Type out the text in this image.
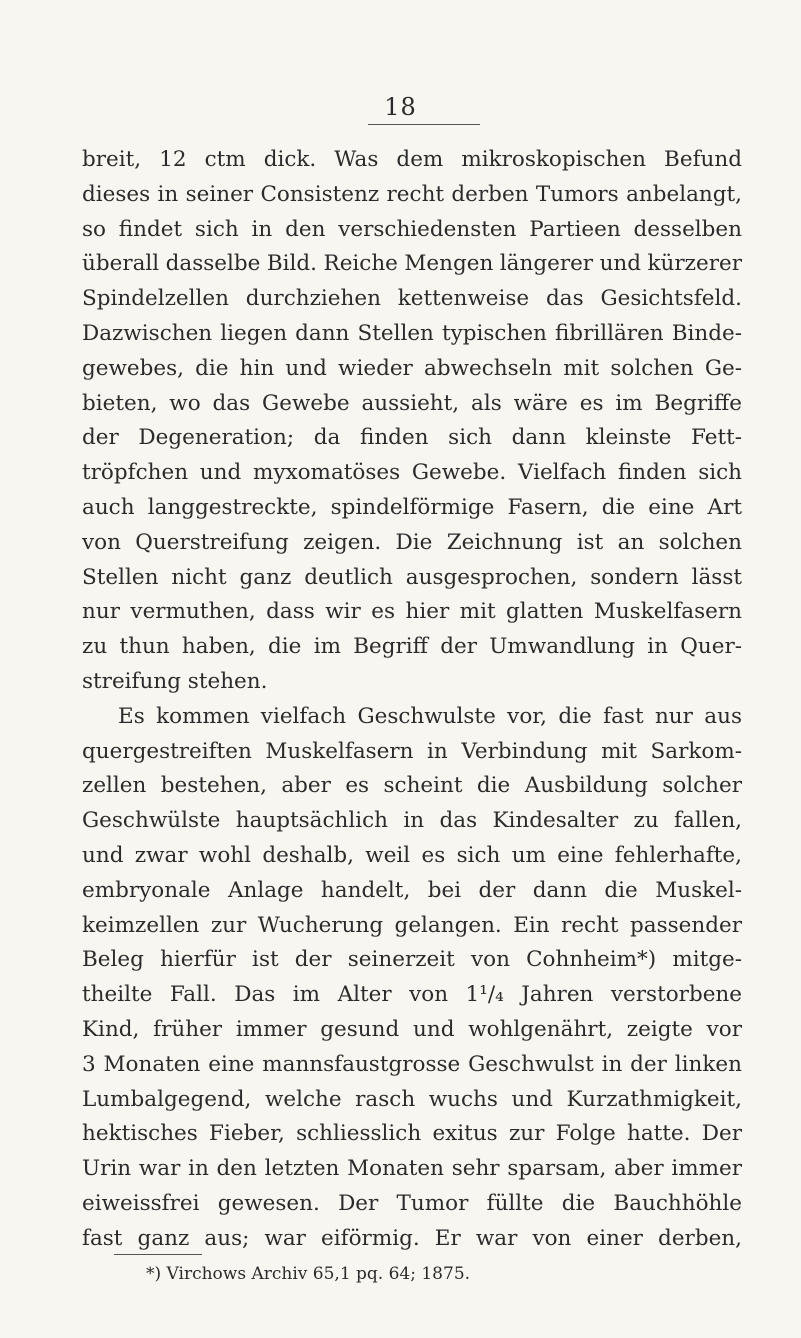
18
breit, 12 ctm dick. Was dem mikroskopischen Befund
dieses in seiner Consistenz recht derben Tumors anbelangt,
so findet sich in den verschiedensten Partieen desselben
überall dasselbe Bild. Reiche Mengen längerer und kürzerer
Spindelzellen durchziehen kettenweise das Gesichtsfeld.
Dazwischen liegen dann Stellen typischen fibrillären Binde-
gewebes, die hin und wieder abwechseln mit solchen Ge-
bieten, wo das Gewebe aussieht, als wäre es im Begriffe
der Degeneration; da finden sich dann kleinste Fett-
tröpfchen und myxomatöses Gewebe. Vielfach finden sich
auch langgestreckte, spindelförmige Fasern, die eine Art
von Querstreifung zeigen. Die Zeichnung ist an solchen
Stellen nicht ganz deutlich ausgesprochen, sondern lässt
nur vermuthen, dass wir es hier mit glatten Muskelfasern
zu thun haben, die im Begriff der Umwandlung in Quer-
streifung stehen.
Es kommen vielfach Geschwulste vor, die fast nur aus
quergestreiften Muskelfasern in Verbindung mit Sarkom-
zellen bestehen, aber es scheint die Ausbildung solcher
Geschwülste hauptsächlich in das Kindesalter zu fallen,
und zwar wohl deshalb, weil es sich um eine fehlerhafte,
embryonale Anlage handelt, bei der dann die Muskel-
keimzellen zur Wucherung gelangen. Ein recht passender
Beleg hierfür ist der seinerzeit von Cohnheim*) mitge-
theilte Fall. Das im Alter von 1¹/₄ Jahren verstorbene
Kind, früher immer gesund und wohlgenährt, zeigte vor
3 Monaten eine mannsfaustgrosse Geschwulst in der linken
Lumbalgegend, welche rasch wuchs und Kurzathmigkeit,
hektisches Fieber, schliesslich exitus zur Folge hatte. Der
Urin war in den letzten Monaten sehr sparsam, aber immer
eiweissfrei gewesen. Der Tumor füllte die Bauchhöhle
fast ganz aus; war eiförmig. Er war von einer derben,
*) Virchows Archiv 65,1 pq. 64; 1875.
